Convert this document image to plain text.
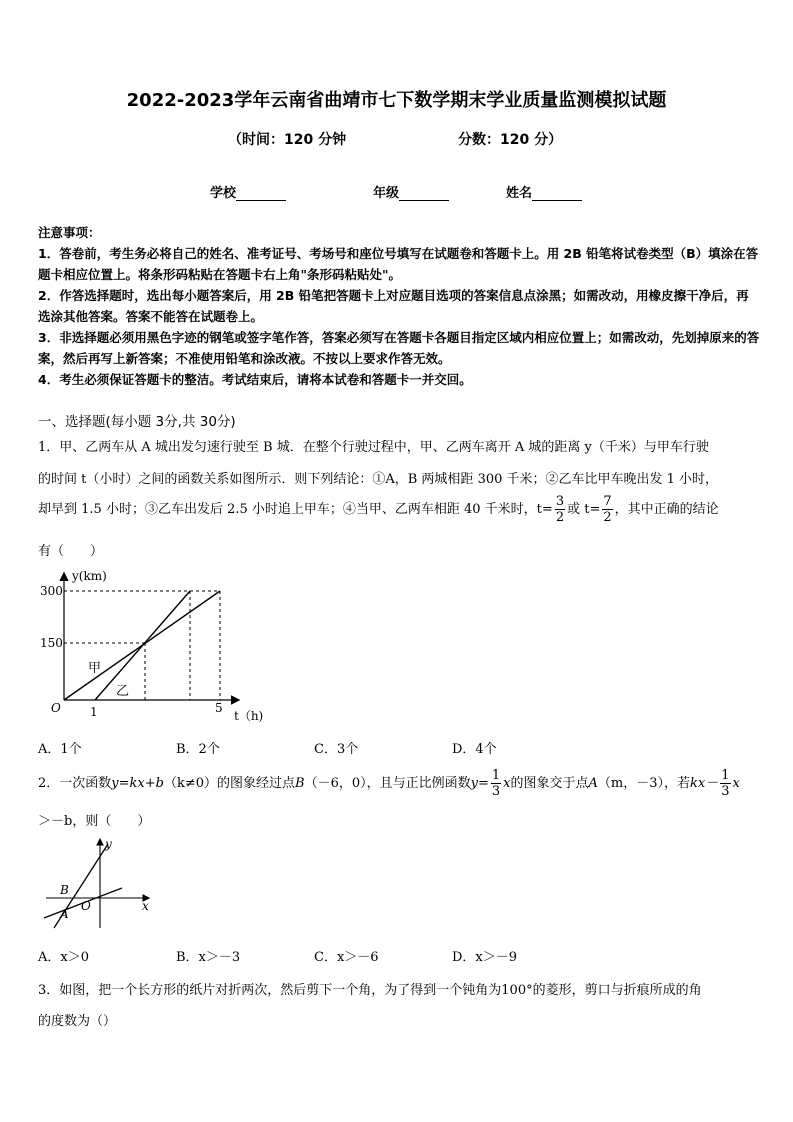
2022-2023学年云南省曲靖市七下数学期末学业质量监测模拟试题
（时间：120 分钟	分数：120 分）
学校	年级	姓名

注意事项：

1．答卷前，考生务必将自己的姓名、准考证号、考场号和座位号填写在试题卷和答题卡上。用 2B 铅笔将试卷类型（B）填涂在答题卡相应位置上。将条形码粘贴在答题卡右上角"条形码粘贴处"。

2．作答选择题时，选出每小题答案后，用 2B 铅笔把答题卡上对应题目选项的答案信息点涂黑；如需改动，用橡皮擦干净后，再选涂其他答案。答案不能答在试题卷上。

3．非选择题必须用黑色字迹的钢笔或签字笔作答，答案必须写在答题卡各题目指定区域内相应位置上；如需改动，先划掉原来的答案，然后再写上新答案；不准使用铅笔和涂改液。不按以上要求作答无效。

4．考生必须保证答题卡的整洁。考试结束后，请将本试卷和答题卡一并交回。

一、选择题(每小题 3分,共 30分)
1．甲、乙两车从 A 城出发匀速行驶至 B 城．在整个行驶过程中，甲、乙两车离开 A 城的距离 y（千米）与甲车行驶
的时间 t（小时）之间的函数关系如图所示．则下列结论：①A，B 两城相距 300 千米；②乙车比甲车晚出发 1 小时，
却早到 1.5 小时；③乙车出发后 2.5 小时追上甲车；④当甲、乙两车相距 40 千米时，$t= \frac{3}{2}$ 或 $t= \frac{7}{2}$ ，其中正确的结论
有（　　）
y(km)
300
150
O 1	5
t（h)
甲
乙
A．1个	B．2个	C．3个	D．4个
2．一次函数y=kx+b（k≠0）的图象经过点B（－6，0），且与正比例函数$y= \frac{1}{3}$ x的图象交于点A（m，－3），若$kx- \frac{1}{3}$ x
＞－b，则（　　）
y
x
B
O
A
A．x＞0	B．x＞－3	C．x＞－6	D．x＞－9
3．如图，把一个长方形的纸片对折两次，然后剪下一个角，为了得到一个钝角为100°的菱形，剪口与折痕所成的角
的度数为（）
